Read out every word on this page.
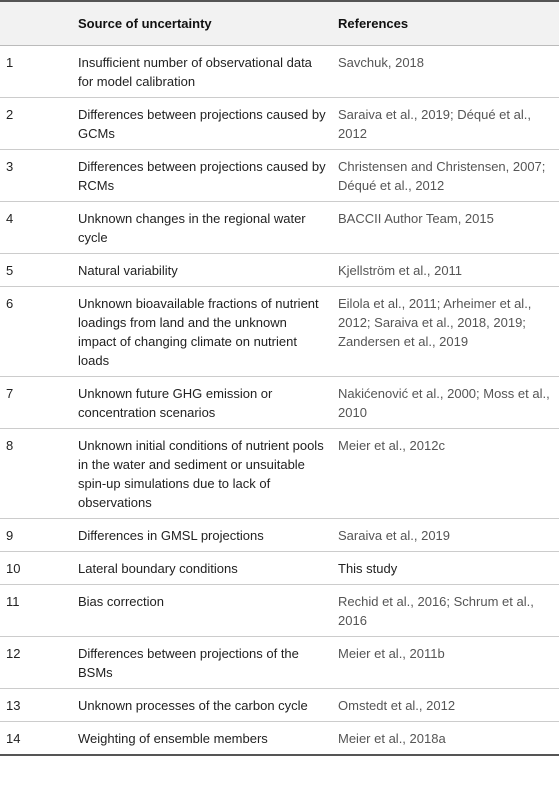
	Source of uncertainty	References
1	Insufficient number of observational data for model calibration	Savchuk, 2018
2	Differences between projections caused by GCMs	Saraiva et al., 2019; Déqué et al., 2012
3	Differences between projections caused by RCMs	Christensen and Christensen, 2007; Déqué et al., 2012
4	Unknown changes in the regional water cycle	BACCII Author Team, 2015
5	Natural variability	Kjellström et al., 2011
6	Unknown bioavailable fractions of nutrient loadings from land and the unknown impact of changing climate on nutrient loads	Eilola et al., 2011; Arheimer et al., 2012; Saraiva et al., 2018, 2019; Zandersen et al., 2019
7	Unknown future GHG emission or concentration scenarios	Nakićenović et al., 2000; Moss et al., 2010
8	Unknown initial conditions of nutrient pools in the water and sediment or unsuitable spin-up simulations due to lack of observations	Meier et al., 2012c
9	Differences in GMSL projections	Saraiva et al., 2019
10	Lateral boundary conditions	This study
11	Bias correction	Rechid et al., 2016; Schrum et al., 2016
12	Differences between projections of the BSMs	Meier et al., 2011b
13	Unknown processes of the carbon cycle	Omstedt et al., 2012
14	Weighting of ensemble members	Meier et al., 2018a
